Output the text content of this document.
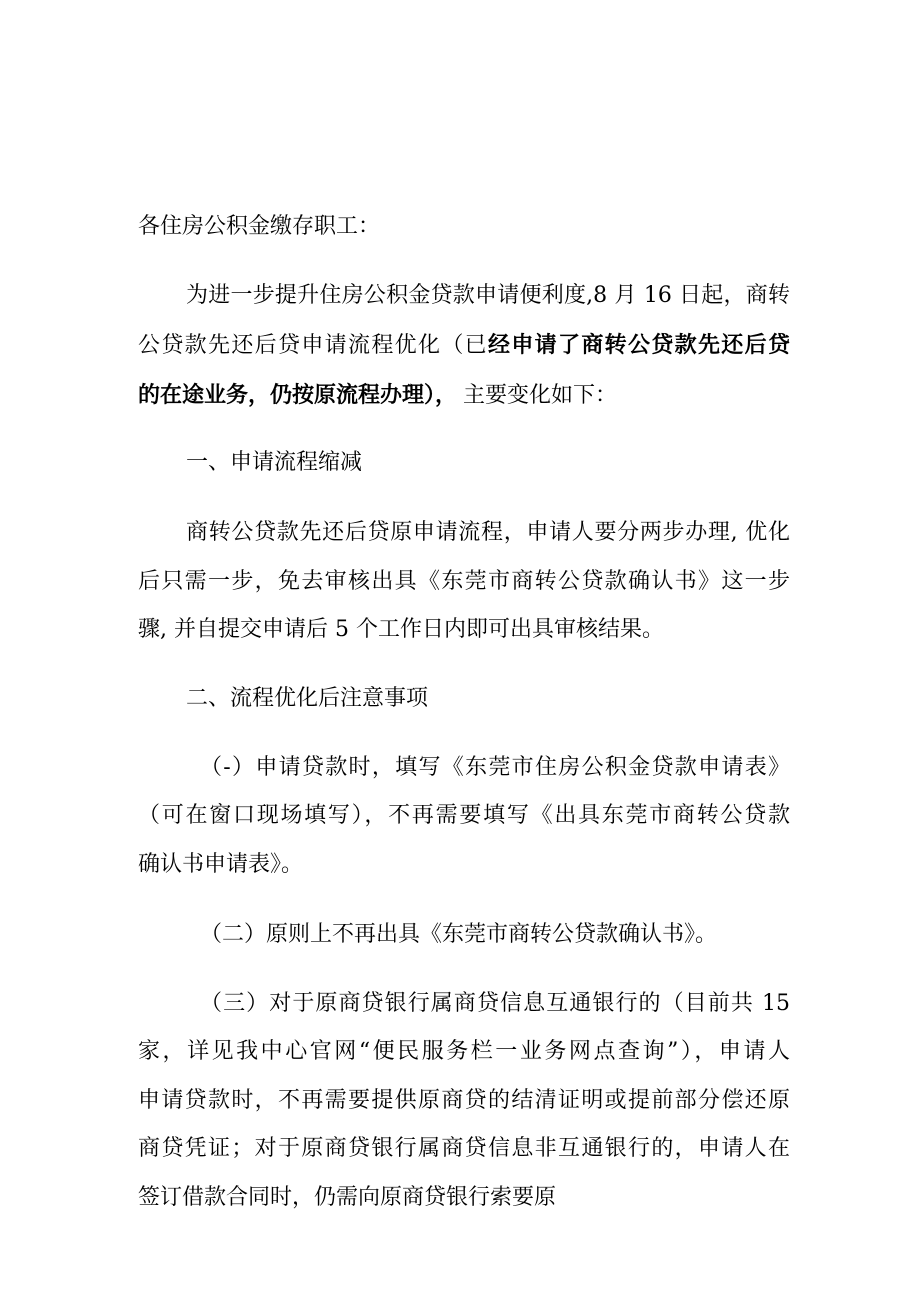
各住房公积金缴存职工：

为进一步提升住房公积金贷款申请便利度,8 月 16 日起，商转

公贷款先还后贷申请流程优化（已经申请了商转公贷款先还后贷

的在途业务，仍按原流程办理）， 主要变化如下：

一、申请流程缩减

商转公贷款先还后贷原申请流程，申请人要分两步办理, 优化

后只需一步，免去审核出具《东莞市商转公贷款确认书》这一步

骤, 并自提交申请后 5 个工作日内即可出具审核结果。

二、流程优化后注意事项

（-）申请贷款时，填写《东莞市住房公积金贷款申请表》

（可在窗口现场填写），不再需要填写《出具东莞市商转公贷款

确认书申请表》。

（二）原则上不再出具《东莞市商转公贷款确认书》。

（三）对于原商贷银行属商贷信息互通银行的（目前共 15

家，详见我中心官网“便民服务栏一业务网点查询”），申请人

申请贷款时，不再需要提供原商贷的结清证明或提前部分偿还原

商贷凭证；对于原商贷银行属商贷信息非互通银行的，申请人在

签订借款合同时，仍需向原商贷银行索要原
